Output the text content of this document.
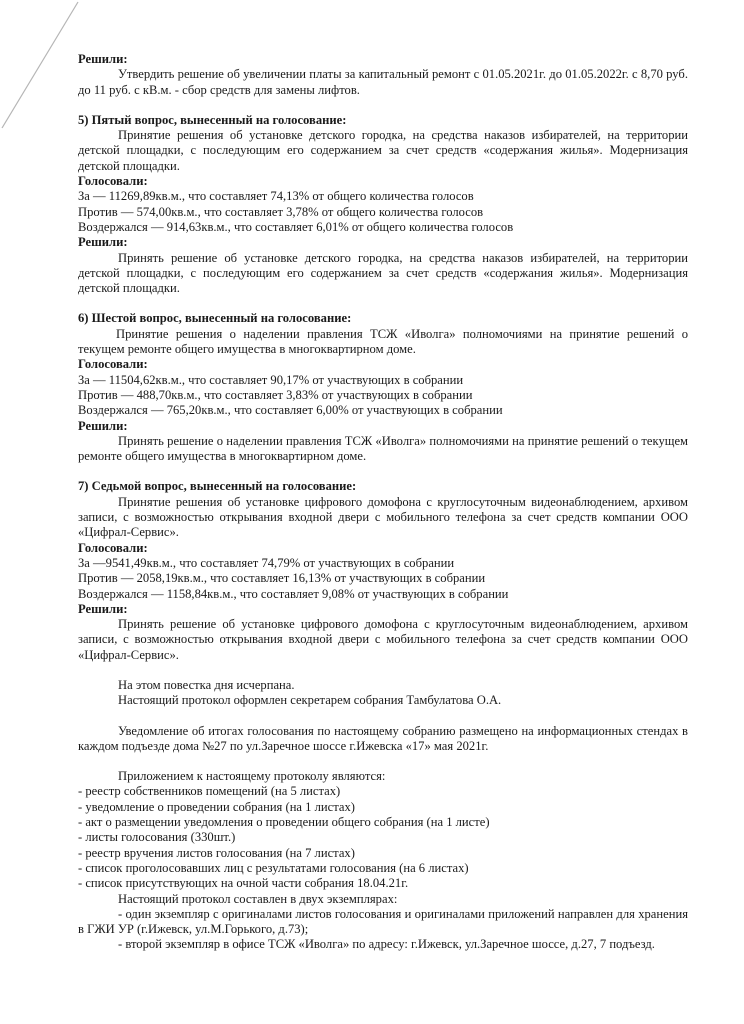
Решили:

Утвердить решение об увеличении платы за капитальный ремонт с 01.05.2021г. до 01.05.2022г. с 8,70 руб. до 11 руб. с кВ.м. - сбор средств для замены лифтов.

5) Пятый вопрос, вынесенный на голосование:

Принятие решения об установке детского городка, на средства наказов избирателей, на территории детской площадки, с последующим его содержанием за счет средств «содержания жилья». Модернизация детской площадки.

Голосовали:
За — 11269,89кв.м., что составляет 74,13% от общего количества голосов
Против — 574,00кв.м., что составляет 3,78% от общего количества голосов
Воздержался — 914,63кв.м., что составляет 6,01% от общего количества голосов
Решили:

Принять решение об установке детского городка, на средства наказов избирателей, на территории детской площадки, с последующим его содержанием за счет средств «содержания жилья». Модернизация детской площадки.

6) Шестой вопрос, вынесенный на голосование:

Принятие решения о наделении правления ТСЖ «Иволга» полномочиями на принятие решений о текущем ремонте общего имущества в многоквартирном доме.

Голосовали:
За — 11504,62кв.м., что составляет 90,17% от участвующих в собрании
Против — 488,70кв.м., что составляет 3,83% от участвующих в собрании
Воздержался — 765,20кв.м., что составляет 6,00% от участвующих в собрании
Решили:

Принять решение о наделении правления ТСЖ «Иволга» полномочиями на принятие решений о текущем ремонте общего имущества в многоквартирном доме.

7) Седьмой вопрос, вынесенный на голосование:

Принятие решения об установке цифрового домофона с круглосуточным видеонаблюдением, архивом записи, с возможностью открывания входной двери с мобильного телефона за счет средств компании ООО «Цифрал-Сервис».

Голосовали:
За —9541,49кв.м., что составляет 74,79% от участвующих в собрании
Против — 2058,19кв.м., что составляет 16,13% от участвующих в собрании
Воздержался — 1158,84кв.м., что составляет 9,08% от участвующих в собрании
Решили:

Принять решение об установке цифрового домофона с круглосуточным видеонаблюдением, архивом записи, с возможностью открывания входной двери с мобильного телефона за счет средств компании ООО «Цифрал-Сервис».

На этом повестка дня исчерпана.
Настоящий протокол оформлен секретарем собрания Тамбулатова О.А.

Уведомление об итогах голосования по настоящему собранию размещено на информационных стендах в каждом подъезде дома №27 по ул.Заречное шоссе г.Ижевска «17» мая 2021г.

Приложением к настоящему протоколу являются:
- реестр собственников помещений (на 5 листах)
- уведомление о проведении собрания (на 1 листах)
- акт о размещении уведомления о проведении общего собрания (на 1 листе)
- листы голосования (330шт.)
- реестр вручения листов голосования (на 7 листах)
- список проголосовавших лиц с результатами голосования (на 6 листах)
- список присутствующих на очной части собрания 18.04.21г.
Настоящий протокол составлен в двух экземплярах:

- один экземпляр с оригиналами листов голосования и оригиналами приложений направлен для хранения в ГЖИ УР (г.Ижевск, ул.М.Горького, д.73);

- второй экземпляр в офисе ТСЖ «Иволга» по адресу: г.Ижевск, ул.Заречное шоссе, д.27, 7 подъезд.
